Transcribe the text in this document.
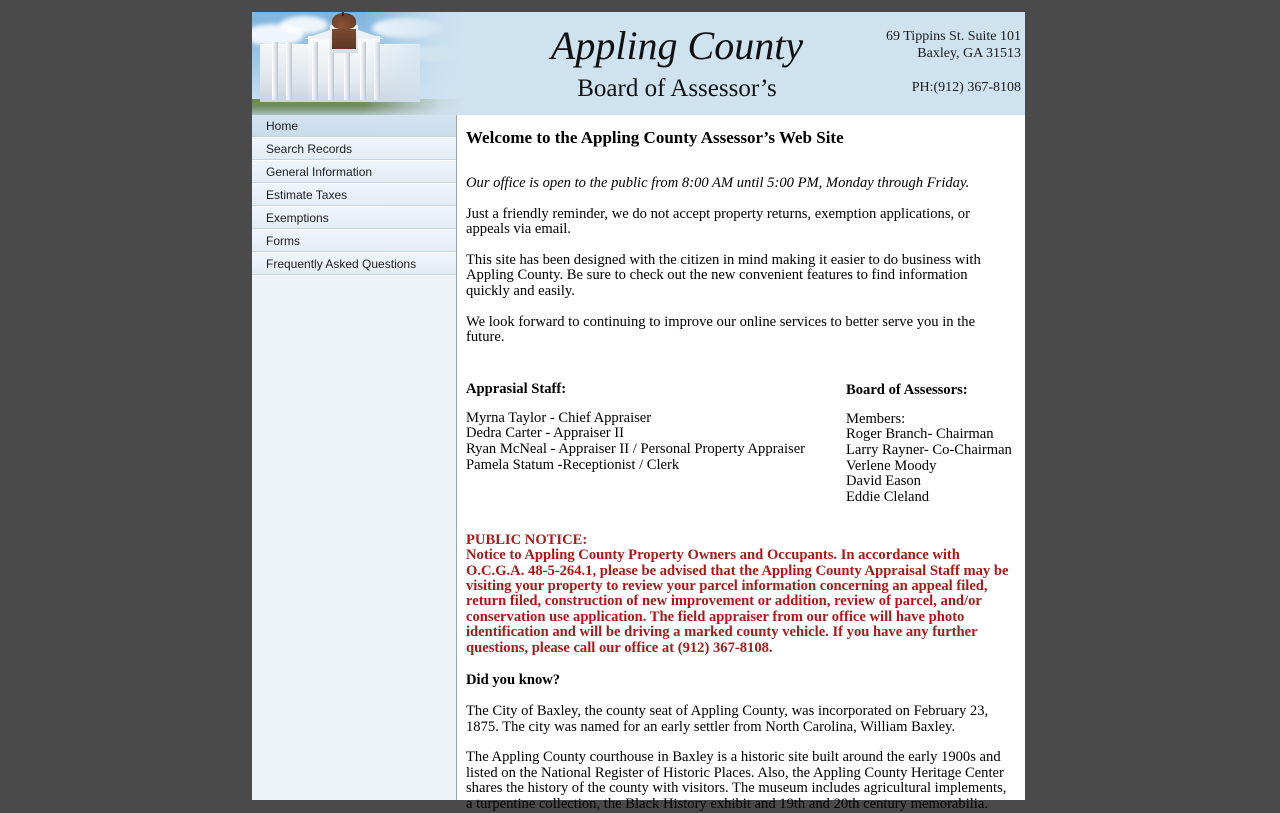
Appling County
Board of Assessor’s
69 Tippins St. Suite 101
Baxley, GA 31513
PH:(912) 367-8108
Home
Search Records
General Information
Estimate Taxes
Exemptions
Forms
Frequently Asked Questions
Welcome to the Appling County Assessor’s Web Site

Our office is open to the public from 8:00 AM until 5:00 PM, Monday through Friday.

Just a friendly reminder, we do not accept property returns, exemption applications, or appeals via email.

This site has been designed with the citizen in mind making it easier to do business with Appling County. Be sure to check out the new convenient features to find information quickly and easily.

We look forward to continuing to improve our online services to better serve you in the future.

Apprasial Staff:
Myrna Taylor - Chief Appraiser
Dedra Carter - Appraiser II
Ryan McNeal - Appraiser II / Personal Property Appraiser
Pamela Statum -Receptionist / Clerk
Board of Assessors:
Members:
Roger Branch- Chairman
Larry Rayner- Co-Chairman
Verlene Moody
David Eason
Eddie Cleland
PUBLIC NOTICE:
Notice to Appling County Property Owners and Occupants. In accordance with O.C.G.A. 48-5-264.1, please be advised that the Appling County Appraisal Staff may be visiting your property to review your parcel information concerning an appeal filed, return filed, construction of new improvement or addition, review of parcel, and/or conservation use application. The field appraiser from our office will have photo identification and will be driving a marked county vehicle. If you have any further questions, please call our office at (912) 367-8108.
Did you know?

The City of Baxley, the county seat of Appling County, was incorporated on February 23, 1875. The city was named for an early settler from North Carolina, William Baxley.

The Appling County courthouse in Baxley is a historic site built around the early 1900s and listed on the National Register of Historic Places. Also, the Appling County Heritage Center shares the history of the county with visitors. The museum includes agricultural implements, a turpentine collection, the Black History exhibit and 19th and 20th century memorabilia.
